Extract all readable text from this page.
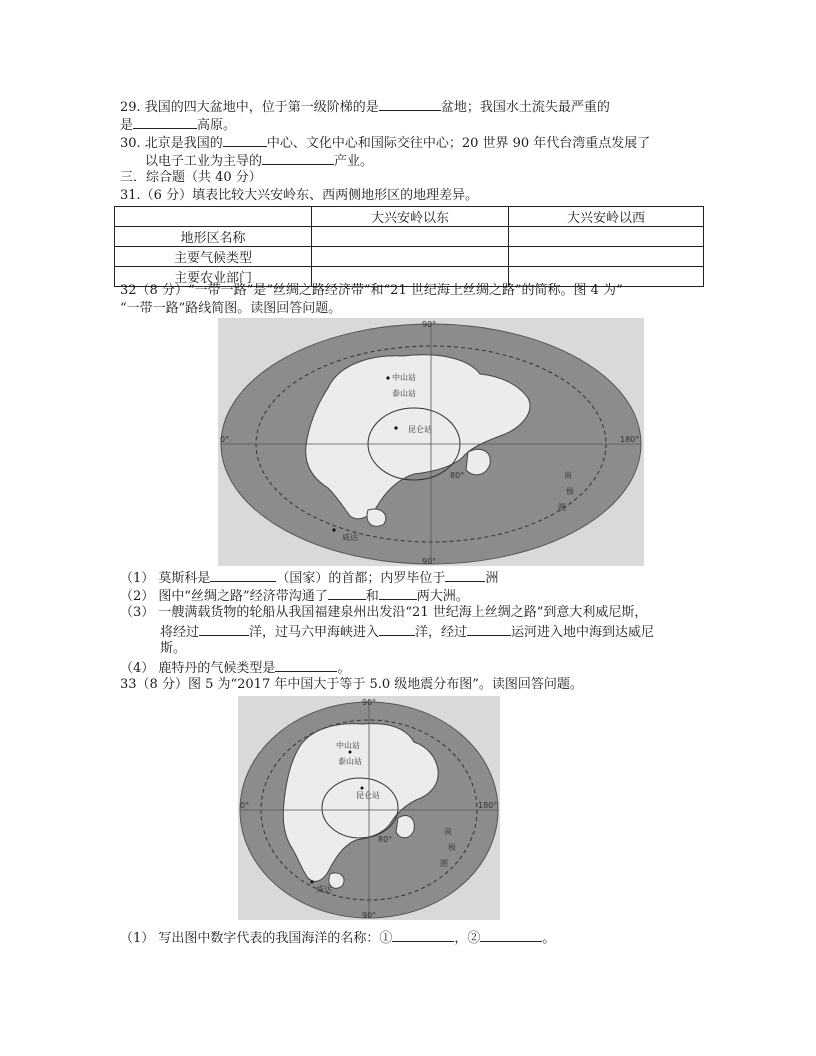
29. 我国的四大盆地中，位于第一级阶梯的是	盆地；我国水土流失最严重的
是	高原。
30. 北京是我国的	中心、文化中心和国际交往中心；20 世界 90 年代台湾重点发展了
以电子工业为主导的	产业。
三．综合题（共 40 分）
31.（6 分）填表比较大兴安岭东、西两侧地形区的地理差异。
	大兴安岭以东	大兴安岭以西
地形区名称		
主要气候类型		
主要农业部门		
32（8 分）“一带一路”是“丝绸之路经济带”和“21 世纪海上丝绸之路”的简称。图 4 为“
“一带一路”路线简图。读图回答问题。
90°
0°	180°
90°
80°
中山站
泰山站
昆仑站
南
极
圈
威达
（1） 莫斯科是	（国家）的首都；内罗毕位于	洲
（2） 图中“丝绸之路”经济带沟通了	和	两大洲。
（3） 一艘满载货物的轮船从我国福建泉州出发沿“21 世纪海上丝绸之路”到意大利威尼斯，
将经过	洋，过马六甲海峡进入	洋，经过	运河进入地中海到达威尼
斯。
（4） 鹿特丹的气候类型是	。
33（8 分）图 5 为“2017 年中国大于等于 5.0 级地震分布图”。读图回答问题。
90°
0°	180°
90°
80°
中山站
泰山站
昆仑站
南
极
圈
威达
（1） 写出图中数字代表的我国海洋的名称：①	，②	。
